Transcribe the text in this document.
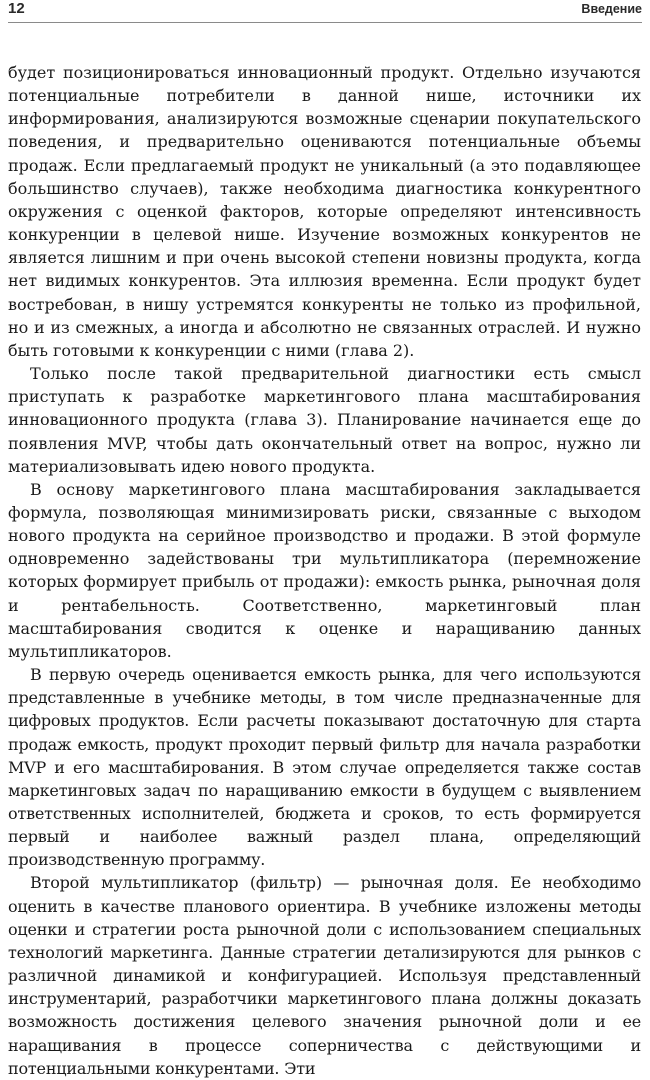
12	Введение

будет позиционироваться инновационный продукт. Отдельно изучаются потенциальные потребители в данной нише, источники их информирования, анализируются возможные сценарии покупательского поведения, и предварительно оцениваются потенциальные объемы продаж. Если предлагаемый продукт не уникальный (а это подавляющее большинство случаев), также необходима диагностика конкурентного окружения с оценкой факторов, которые определяют интенсивность конкуренции в целевой нише. Изучение возможных конкурентов не является лишним и при очень высокой степени новизны продукта, когда нет видимых конкурентов. Эта иллюзия временна. Если продукт будет востребован, в нишу устремятся конкуренты не только из профильной, но и из смежных, а иногда и абсолютно не связанных отраслей. И нужно быть готовыми к конкуренции с ними (глава 2).

Только после такой предварительной диагностики есть смысл приступать к разработке маркетингового плана масштабирования инновационного продукта (глава 3). Планирование начинается еще до появления MVP, чтобы дать окончательный ответ на вопрос, нужно ли материализовывать идею нового продукта.

В основу маркетингового плана масштабирования закладывается формула, позволяющая минимизировать риски, связанные с выходом нового продукта на серийное производство и продажи. В этой формуле одновременно задействованы три мультипликатора (перемножение которых формирует прибыль от продажи): емкость рынка, рыночная доля и рентабельность. Соответственно, маркетинговый план масштабирования сводится к оценке и наращиванию данных мультипликаторов.

В первую очередь оценивается емкость рынка, для чего используются представленные в учебнике методы, в том числе предназначенные для цифровых продуктов. Если расчеты показывают достаточную для старта продаж емкость, продукт проходит первый фильтр для начала разработки MVP и его масштабирования. В этом случае определяется также состав маркетинговых задач по наращиванию емкости в будущем с выявлением ответственных исполнителей, бюджета и сроков, то есть формируется первый и наиболее важный раздел плана, определяющий производственную программу.

Второй мультипликатор (фильтр) — рыночная доля. Ее необходимо оценить в качестве планового ориентира. В учебнике изложены методы оценки и стратегии роста рыночной доли с использованием специальных технологий маркетинга. Данные стратегии детализируются для рынков с различной динамикой и конфигурацией. Используя представленный инструментарий, разработчики маркетингового плана должны доказать возможность достижения целевого значения рыночной доли и ее наращивания в процессе соперничества с действующими и потенциальными конкурентами. Эти
